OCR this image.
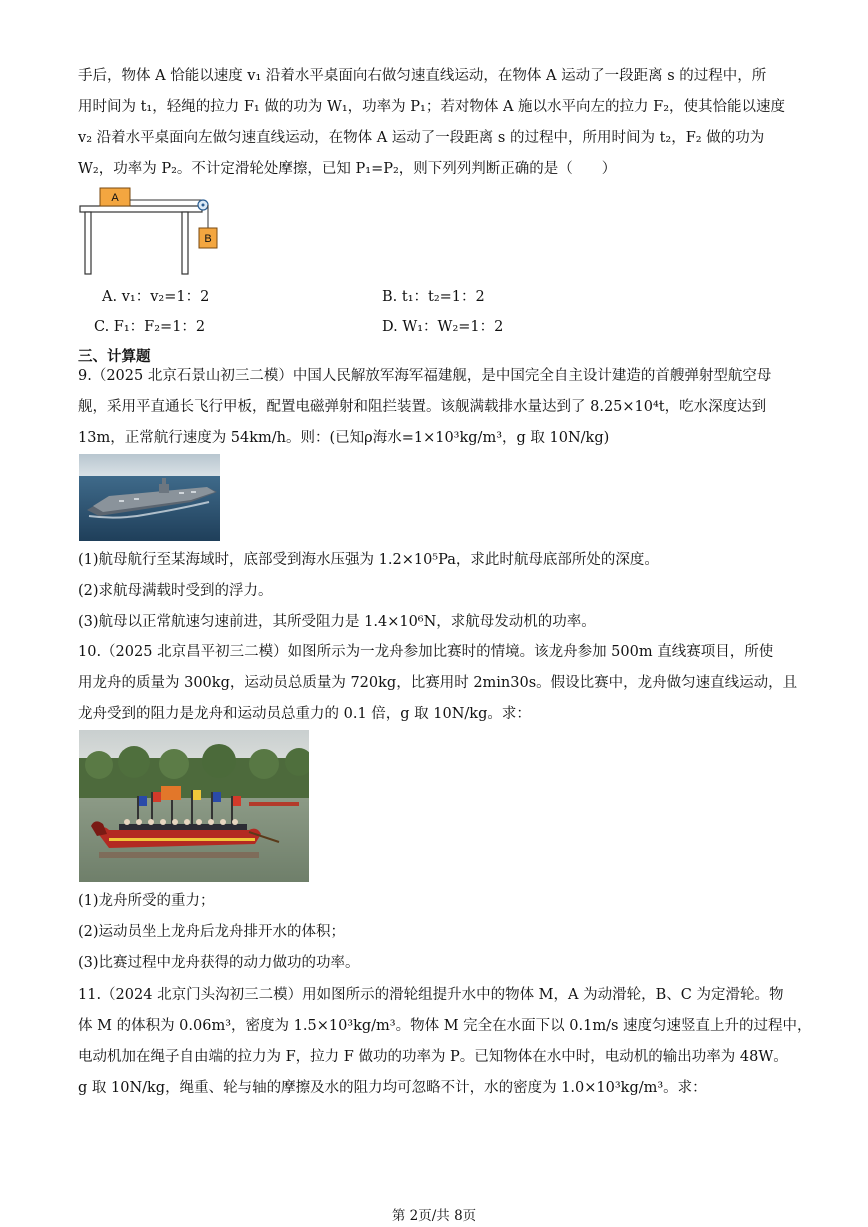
手后，物体 A 恰能以速度 v₁ 沿着水平桌面向右做匀速直线运动，在物体 A 运动了一段距离 s 的过程中，所
用时间为 t₁，轻绳的拉力 F₁ 做的功为 W₁，功率为 P₁；若对物体 A 施以水平向左的拉力 F₂，使其恰能以速度
v₂ 沿着水平桌面向左做匀速直线运动，在物体 A 运动了一段距离 s 的过程中，所用时间为 t₂，F₂ 做的功为
W₂，功率为 P₂。不计定滑轮处摩擦，已知 P₁=P₂，则下列列判断正确的是（　　）
A
B
A. v₁：v₂=1：2	B. t₁：t₂=1：2
C. F₁：F₂=1：2	D. W₁：W₂=1：2
三、计算题
9.（2025 北京石景山初三二模）中国人民解放军海军福建舰，是中国完全自主设计建造的首艘弹射型航空母
舰，采用平直通长飞行甲板，配置电磁弹射和阻拦装置。该舰满载排水量达到了 8.25×10⁴t，吃水深度达到
13m，正常航行速度为 54km/h。则：(已知ρ海水=1×10³kg/m³，g 取 10N/kg)
(1)航母航行至某海域时，底部受到海水压强为 1.2×10⁵Pa，求此时航母底部所处的深度。
(2)求航母满载时受到的浮力。
(3)航母以正常航速匀速前进，其所受阻力是 1.4×10⁶N，求航母发动机的功率。
10.（2025 北京昌平初三二模）如图所示为一龙舟参加比赛时的情境。该龙舟参加 500m 直线赛项目，所使
用龙舟的质量为 300kg，运动员总质量为 720kg，比赛用时 2min30s。假设比赛中，龙舟做匀速直线运动，且
龙舟受到的阻力是龙舟和运动员总重力的 0.1 倍，g 取 10N/kg。求：
(1)龙舟所受的重力；
(2)运动员坐上龙舟后龙舟排开水的体积；
(3)比赛过程中龙舟获得的动力做功的功率。
11.（2024 北京门头沟初三二模）用如图所示的滑轮组提升水中的物体 M，A 为动滑轮，B、C 为定滑轮。物
体 M 的体积为 0.06m³，密度为 1.5×10³kg/m³。物体 M 完全在水面下以 0.1m/s 速度匀速竖直上升的过程中，
电动机加在绳子自由端的拉力为 F，拉力 F 做功的功率为 P。已知物体在水中时，电动机的输出功率为 48W。
g 取 10N/kg，绳重、轮与轴的摩擦及水的阻力均可忽略不计，水的密度为 1.0×10³kg/m³。求：
第 2页/共 8页
